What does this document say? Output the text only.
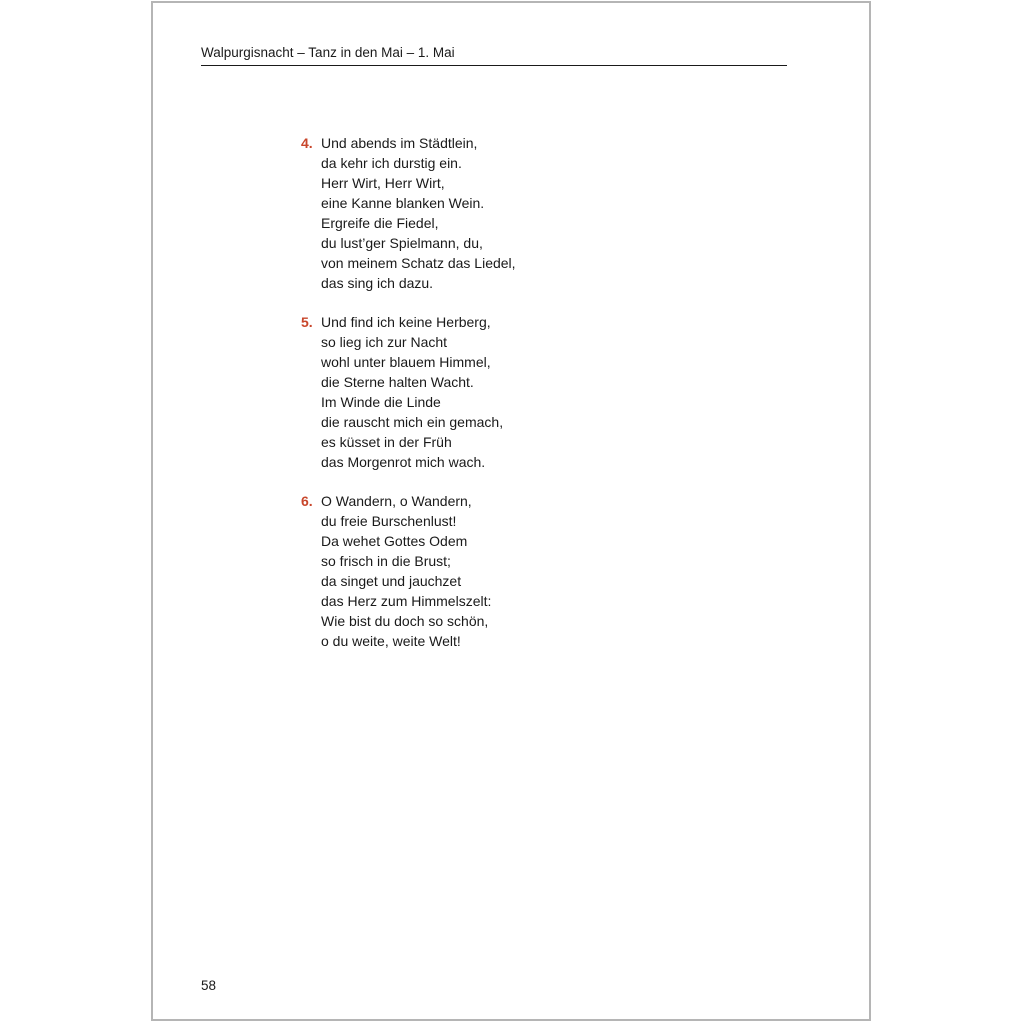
Walpurgisnacht – Tanz in den Mai – 1. Mai
4. Und abends im Städtlein,
da kehr ich durstig ein.
Herr Wirt, Herr Wirt,
eine Kanne blanken Wein.
Ergreife die Fiedel,
du lust’ger Spielmann, du,
von meinem Schatz das Liedel,
das sing ich dazu.
5. Und find ich keine Herberg,
so lieg ich zur Nacht
wohl unter blauem Himmel,
die Sterne halten Wacht.
Im Winde die Linde
die rauscht mich ein gemach,
es küsset in der Früh
das Morgenrot mich wach.
6. O Wandern, o Wandern,
du freie Burschenlust!
Da wehet Gottes Odem
so frisch in die Brust;
da singet und jauchzet
das Herz zum Himmelszelt:
Wie bist du doch so schön,
o du weite, weite Welt!
58
